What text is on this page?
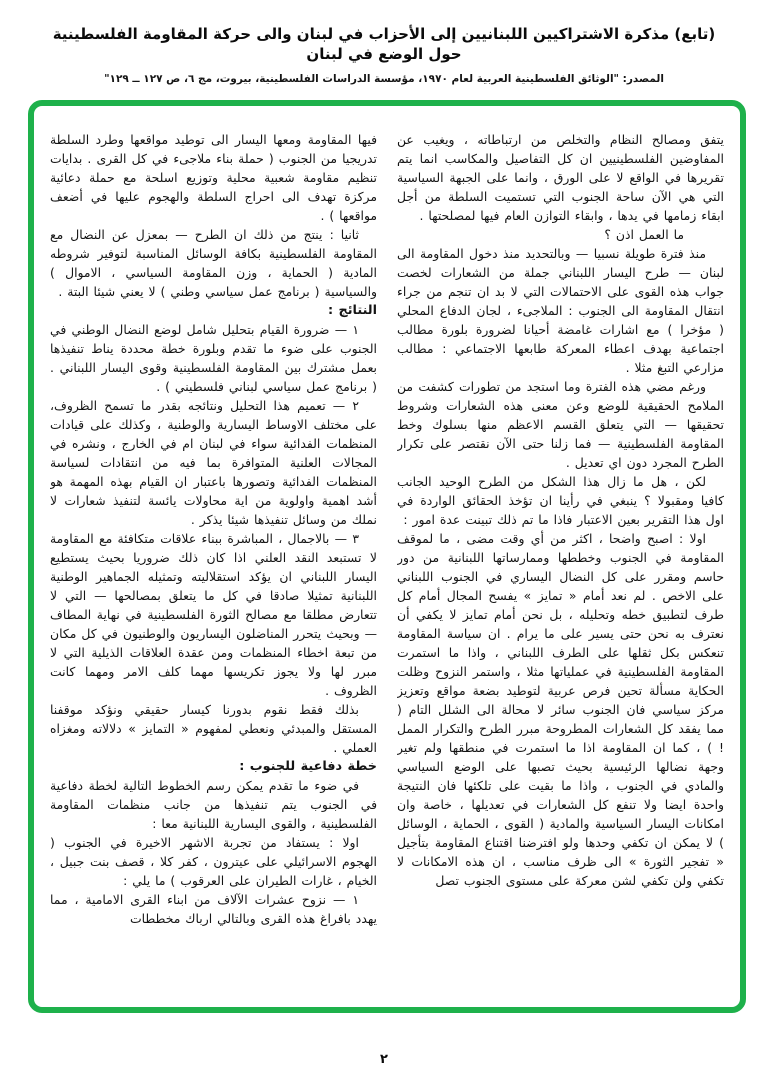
(تابع) مذكرة الاشتراكيين اللبنانيين إلى الأحزاب في لبنان والى حركة المقاومة الفلسطينية حول الوضع في لبنان
المصدر: "الوثائق الفلسطينية العربية لعام ١٩٧٠، مؤسسة الدراسات الفلسطينية، بيروت، مج ٦، ص ١٢٧ ــ ١٢٩"

يتفق ومصالح النظام والتخلص من ارتباطاته ، ويغيب عن المفاوضين الفلسطينيين ان كل التفاصيل والمكاسب انما يتم تقريرها في الواقع لا على الورق ، وانما على الجبهة السياسية التي هي الآن ساحة الجنوب التي تستميت السلطة من أجل ابقاء زمامها في يدها ، وابقاء التوازن العام فيها لمصلحتها .

ما العمل اذن ؟

منذ فترة طويلة نسبيا — وبالتحديد منذ دخول المقاومة الى لبنان — طرح اليسار اللبناني جملة من الشعارات لخصت جواب هذه القوى على الاحتمالات التي لا بد ان تنجم من جراء انتقال المقاومة الى الجنوب : الملاجىء ، لجان الدفاع المحلي ( مؤخرا ) مع اشارات غامضة أحيانا لضرورة بلورة مطالب اجتماعية بهدف اعطاء المعركة طابعها الاجتماعي : مطالب مزارعي التبغ مثلا .

ورغم مضي هذه الفترة وما استجد من تطورات كشفت من الملامح الحقيقية للوضع وعن معنى هذه الشعارات وشروط تحقيقها — التي يتعلق القسم الاعظم منها بسلوك وخط المقاومة الفلسطينية — فما زلنا حتى الآن نقتصر على تكرار الطرح المجرد دون اي تعديل .

لكن ، هل ما زال هذا الشكل من الطرح الوحيد الجانب كافيا ومقبولا ؟ ينبغي في رأينا ان تؤخذ الحقائق الواردة في اول هذا التقرير بعين الاعتبار فاذا ما تم ذلك تبينت عدة امور :

اولا : اصبح واضحا ، اكثر من أي وقت مضى ، ما لموقف المقاومة في الجنوب وخططها وممارساتها اللبنانية من دور حاسم ومقرر على كل النضال اليساري في الجنوب اللبناني على الاخص . لم نعد أمام « تمايز » يفسح المجال أمام كل طرف لتطبيق خطه وتحليله ، بل نحن أمام تمايز لا يكفي أن نعترف به نحن حتى يسير على ما يرام . ان سياسة المقاومة تنعكس بكل ثقلها على الطرف اللبناني ، واذا ما استمرت المقاومة الفلسطينية في عملياتها مثلا ، واستمر النزوح وظلت الحكاية مسألة تحين فرص عربية لتوطيد بضعة مواقع وتعزيز مركز سياسي فان الجنوب سائر لا محالة الى الشلل التام ( مما يفقد كل الشعارات المطروحة مبرر الطرح والتكرار الممل ! ) ، كما ان المقاومة اذا ما استمرت في منطقها ولم تغير وجهة نضالها الرئيسية بحيث تصبها على الوضع السياسي والمادي في الجنوب ، واذا ما بقيت على تلكئها فان النتيجة واحدة ايضا ولا تنفع كل الشعارات في تعديلها ، خاصة وان امكانات اليسار السياسية والمادية ( القوى ، الحماية ، الوسائل ) لا يمكن ان تكفي وحدها ولو افترضنا اقتناع المقاومة بتأجيل « تفجير الثورة » الى ظرف مناسب ، ان هذه الامكانات لا تكفي ولن تكفي لشن معركة على مستوى الجنوب تصل

فيها المقاومة ومعها اليسار الى توطيد مواقعها وطرد السلطة تدريجيا من الجنوب ( حملة بناء ملاجىء في كل القرى . بدايات تنظيم مقاومة شعبية محلية وتوزيع اسلحة مع حملة دعائية مركزة تهدف الى احراج السلطة والهجوم عليها في أضعف مواقعها ) .

ثانيا : ينتج من ذلك ان الطرح — بمعزل عن النضال مع المقاومة الفلسطينية بكافة الوسائل المناسبة لتوفير شروطه المادية ( الحماية ، وزن المقاومة السياسي ، الاموال ) والسياسية ( برنامج عمل سياسي وطني ) لا يعني شيئا البتة .

النتائج :

١ — ضرورة القيام بتحليل شامل لوضع النضال الوطني في الجنوب على ضوء ما تقدم وبلورة خطة محددة يناط تنفيذها بعمل مشترك بين المقاومة الفلسطينية وقوى اليسار اللبناني . ( برنامج عمل سياسي لبناني فلسطيني ) .

٢ — تعميم هذا التحليل ونتائجه بقدر ما تسمح الظروف، على مختلف الاوساط اليسارية والوطنية ، وكذلك على قيادات المنظمات الفدائية سواء في لبنان ام في الخارج ، ونشره في المجالات العلنية المتوافرة بما فيه من انتقادات لسياسة المنظمات الفدائية وتصورها باعتبار ان القيام بهذه المهمة هو أشد اهمية واولوية من اية محاولات يائسة لتنفيذ شعارات لا نملك من وسائل تنفيذها شيئا يذكر .

٣ — بالاجمال ، المباشرة ببناء علاقات متكافئة مع المقاومة لا تستبعد النقد العلني اذا كان ذلك ضروريا بحيث يستطيع اليسار اللبناني ان يؤكد استقلاليته وتمثيله الجماهير الوطنية اللبنانية تمثيلا صادقا في كل ما يتعلق بمصالحها — التي لا تتعارض مطلقا مع مصالح الثورة الفلسطينية في نهاية المطاف — وبحيث يتحرر المناضلون اليساريون والوطنيون في كل مكان من تبعة اخطاء المنظمات ومن عقدة العلاقات الذيلية التي لا مبرر لها ولا يجوز تكريسها مهما كلف الامر ومهما كانت الظروف .

بذلك فقط نقوم بدورنا كيسار حقيقي ونؤكد موقفنا المستقل والمبدئي ونعطي لمفهوم « التمايز » دلالاته ومغزاه العملي .

خطة دفاعية للجنوب :

في ضوء ما تقدم يمكن رسم الخطوط التالية لخطة دفاعية في الجنوب يتم تنفيذها من جانب منظمات المقاومة الفلسطينية ، والقوى اليسارية اللبنانية معا :

اولا : يستفاد من تجربة الاشهر الاخيرة في الجنوب ( الهجوم الاسرائيلي على عيترون ، كفر كلا ، قصف بنت جبيل ، الخيام ، غارات الطيران على العرقوب ) ما يلي :

١ — نزوح عشرات الآلاف من ابناء القرى الامامية ، مما يهدد بافراغ هذه القرى وبالتالي ارباك مخططات

٢
